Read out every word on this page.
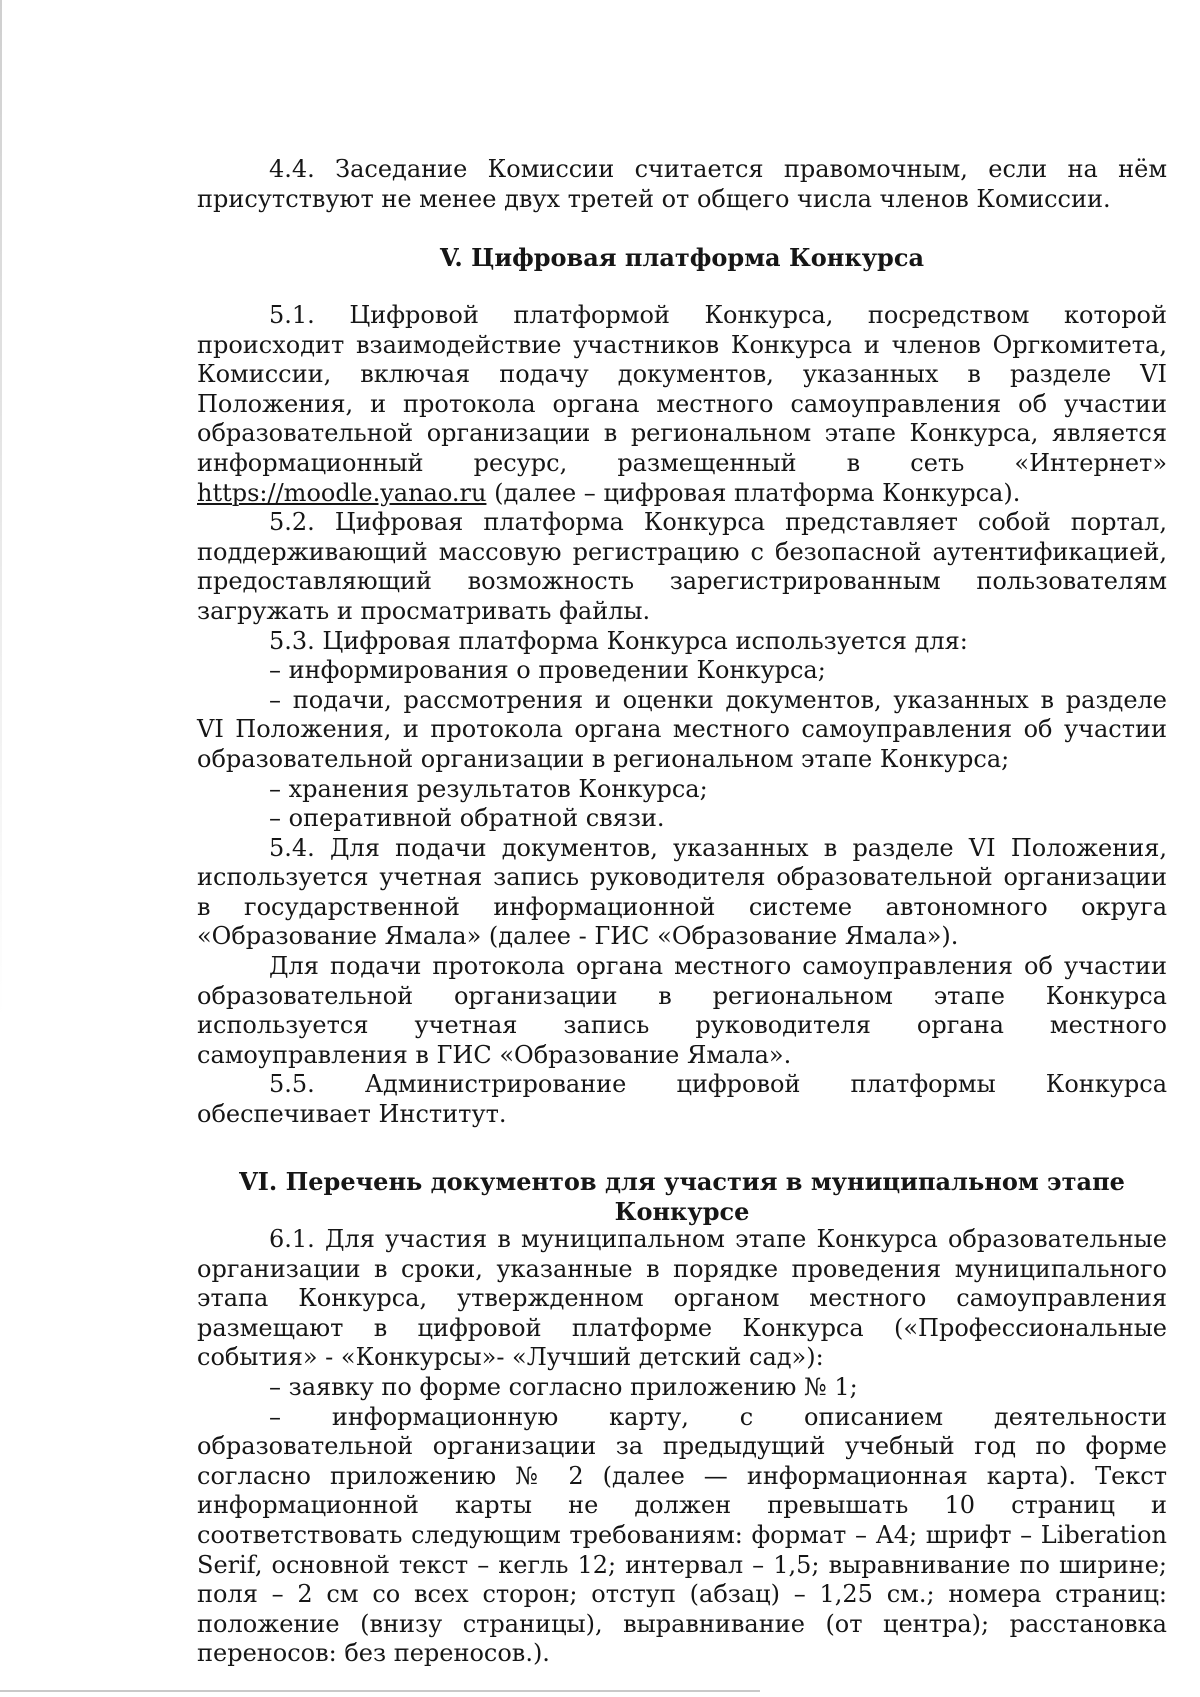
4.4. Заседание Комиссии считается правомочным, если на нём присутствуют не менее двух третей от общего числа членов Комиссии.

V. Цифровая платформа Конкурса

5.1. Цифровой платформой Конкурса, посредством которой происходит взаимодействие участников Конкурса и членов Оргкомитета, Комиссии, включая подачу документов, указанных в разделе VI Положения, и протокола органа местного самоуправления об участии образовательной организации в региональном этапе Конкурса, является информационный ресурс, размещенный в сеть «Интернет» https://moodle.yanao.ru (далее – цифровая платформа Конкурса).

5.2. Цифровая платформа Конкурса представляет собой портал, поддерживающий массовую регистрацию с безопасной аутентификацией, предоставляющий возможность зарегистрированным пользователям загружать и просматривать файлы.

5.3. Цифровая платформа Конкурса используется для:

– информирования о проведении Конкурса;

– подачи, рассмотрения и оценки документов, указанных в разделе VI Положения, и протокола органа местного самоуправления об участии образовательной организации в региональном этапе Конкурса;

– хранения результатов Конкурса;

– оперативной обратной связи.

5.4. Для подачи документов, указанных в разделе VI Положения, используется учетная запись руководителя образовательной организации в государственной информационной системе автономного округа «Образование Ямала» (далее - ГИС «Образование Ямала»).

Для подачи протокола органа местного самоуправления об участии образовательной организации в региональном этапе Конкурса используется учетная запись руководителя органа местного самоуправления в ГИС «Образование Ямала».

5.5. Администрирование цифровой платформы Конкурса обеспечивает Институт.

VI. Перечень документов для участия в муниципальном этапе Конкурсе

6.1. Для участия в муниципальном этапе Конкурса образовательные организации в сроки, указанные в порядке проведения муниципального этапа Конкурса, утвержденном органом местного самоуправления размещают в цифровой платформе Конкурса («Профессиональные события» - «Конкурсы»- «Лучший детский сад»):

– заявку по форме согласно приложению № 1;

– информационную карту, с описанием деятельности образовательной организации за предыдущий учебный год по форме согласно приложению № 2 (далее — информационная карта). Текст информационной карты не должен превышать 10 страниц и соответствовать следующим требованиям: формат – А4; шрифт – Liberation Serif, основной текст – кегль 12; интервал – 1,5; выравнивание по ширине; поля – 2 см со всех сторон; отступ (абзац) – 1,25 см.; номера страниц: положение (внизу страницы), выравнивание (от центра); расстановка переносов: без переносов.).
